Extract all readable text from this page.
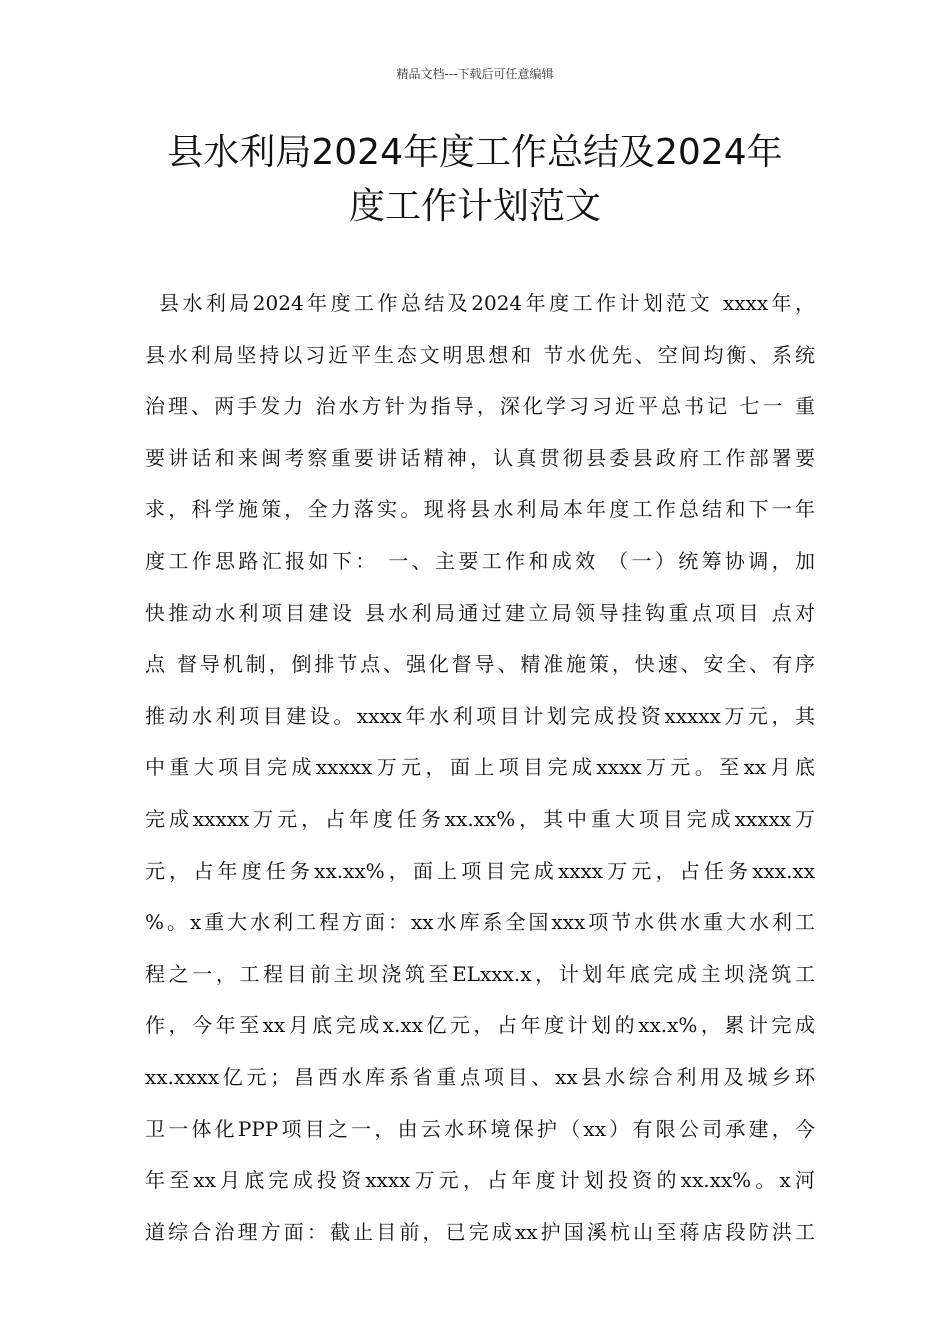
精品文档---下载后可任意编辑
县水利局2024年度工作总结及2024年
度工作计划范文
县水利局2024年度工作总结及2024年度工作计划范文 xxxx年，
县水利局坚持以习近平生态文明思想和 节水优先、空间均衡、系统
治理、两手发力 治水方针为指导，深化学习习近平总书记 七一 重
要讲话和来闽考察重要讲话精神，认真贯彻县委县政府工作部署要
求，科学施策，全力落实。现将县水利局本年度工作总结和下一年
度工作思路汇报如下： 一、主要工作和成效 （一）统筹协调，加
快推动水利项目建设 县水利局通过建立局领导挂钩重点项目 点对
点 督导机制，倒排节点、强化督导、精准施策，快速、安全、有序
推动水利项目建设。xxxx年水利项目计划完成投资xxxxx万元，其
中重大项目完成xxxxx万元，面上项目完成xxxx万元。至xx月底
完成xxxxx万元，占年度任务xx.xx%，其中重大项目完成xxxxx万
元，占年度任务xx.xx%，面上项目完成xxxx万元，占任务xxx.xx
%。x重大水利工程方面：xx水库系全国xxx项节水供水重大水利工
程之一，工程目前主坝浇筑至ELxxx.x，计划年底完成主坝浇筑工
作，今年至xx月底完成x.xx亿元，占年度计划的xx.x%，累计完成
xx.xxxx亿元；昌西水库系省重点项目、xx县水综合利用及城乡环
卫一体化PPP项目之一，由云水环境保护（xx）有限公司承建，今
年至xx月底完成投资xxxx万元，占年度计划投资的xx.xx%。x河
道综合治理方面：截止目前，已完成xx护国溪杭山至蒋店段防洪工
